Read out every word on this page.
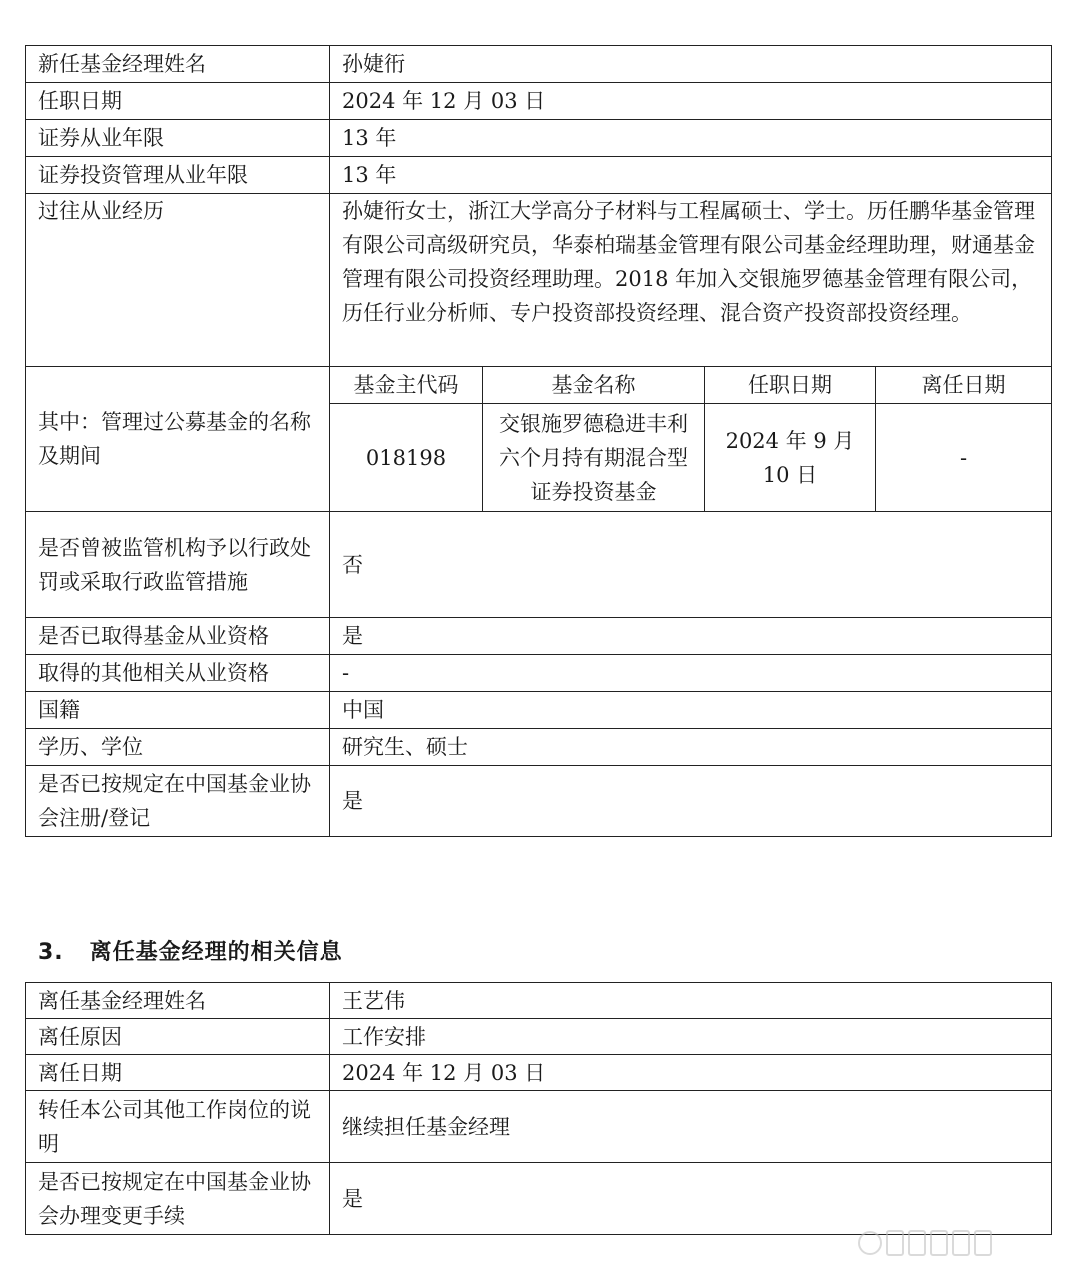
新任基金经理姓名	孙婕衎			
任职日期	2024 年 12 月 03 日			
证券从业年限	13 年			
证券投资管理从业年限	13 年			
过往从业经历	孙婕衎女士，浙江大学高分子材料与工程属硕士、学士。历任鹏华基金管理有限公司高级研究员，华泰柏瑞基金管理有限公司基金经理助理，财通基金管理有限公司投资经理助理。2018 年加入交银施罗德基金管理有限公司，历任行业分析师、专户投资部投资经理、混合资产投资部投资经理。			
其中：管理过公募基金的名称及期间	基金主代码	基金名称	任职日期	离任日期
	018198	交银施罗德稳进丰利六个月持有期混合型证券投资基金	2024 年 9 月 10 日	-
是否曾被监管机构予以行政处罚或采取行政监管措施	否			
是否已取得基金从业资格	是			
取得的其他相关从业资格	-			
国籍	中国			
学历、学位	研究生、硕士			
是否已按规定在中国基金业协会注册/登记	是			
3. 离任基金经理的相关信息
离任基金经理姓名	王艺伟
离任原因	工作安排
离任日期	2024 年 12 月 03 日
转任本公司其他工作岗位的说明	继续担任基金经理
是否已按规定在中国基金业协会办理变更手续	是
